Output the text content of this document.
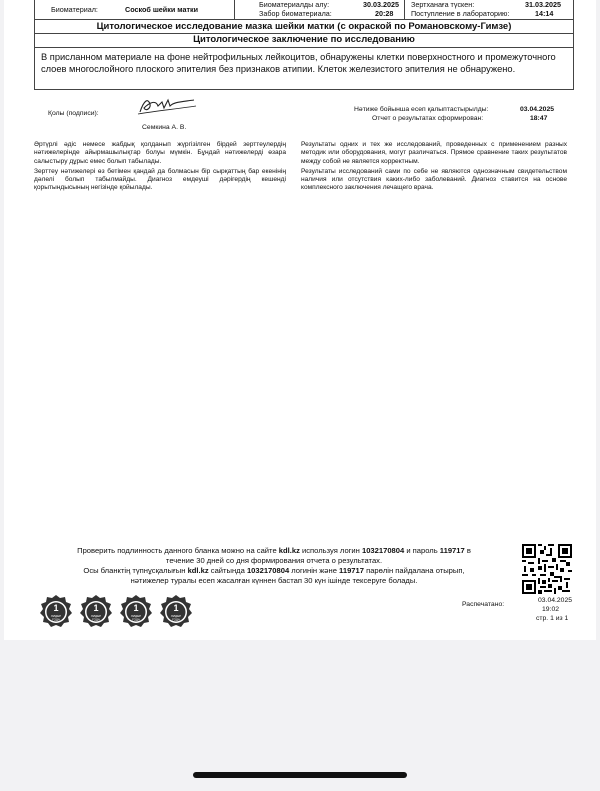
Биоматериал:	Соскоб шейки матки
Биоматериалды алу:
Забор биоматериала:
30.03.2025
20:28
Зертханаға түскен:
Поступление в лабораторию:
31.03.2025
14:14
Цитологическое исследование мазка шейки матки (с окраской по Романовскому-Гимзе)
Цитологическое заключение по исследованию
В присланном материале на фоне нейтрофильных лейкоцитов, обнаружены клетки поверхностного и промежуточного слоев многослойного плоского эпителия без признаков атипии. Клеток железистого эпителия не обнаружено.
Қолы (подписи):
Семкина А. В.
Нәтиже бойынша есеп қалыптастырылды:
Отчет о результатах сформирован:
03.04.2025
18:47

Әртүрлі әдіс немесе жабдық қолданып жүргізілген бірдей зерттеулердің нәтижелерінде айырмашылықтар болуы мүмкін. Бұндай нәтижелерді өзара салыстыру дұрыс емес болып табылады.

Зерттеу нәтижелері өз бетімен қандай да болмасын бір сырқаттың бар екенінің дәлелі болып табылмайды. Диагноз емдеуші дәрігердің кешенді қорытындысының негізінде қойылады.

Результаты одних и тех же исследований, проведенных с применением разных методик или оборудования, могут различаться. Прямое сравнение таких результатов между собой не является корректным.

Результаты исследований сами по себе не являются однозначным свидетельством наличия или отсутствия каких-либо заболеваний. Диагноз ставится на основе комплексного заключения лечащего врача.

Проверить подлинность данного бланка можно на сайте kdl.kz используя логин 1032170804 и пароль 119717 в
течение 30 дней со дня формирования отчета о результатах.
Осы бланктің түпнұсқалығын kdl.kz сайтында 1032170804 логинін және 119717 парөлін пайдалана отырып,
нәтижелер туралы есеп жасалған күннен бастап 30 күн ішінде тексеруге болады.
1
ЛИДЕР
ГОДА
1
ЛИДЕР
ГОДА
1
ЛИДЕР
ГОДА
1
ЛИДЕР
ГОДА
Распечатано:
03.04.2025
19:02
стр. 1 из 1
